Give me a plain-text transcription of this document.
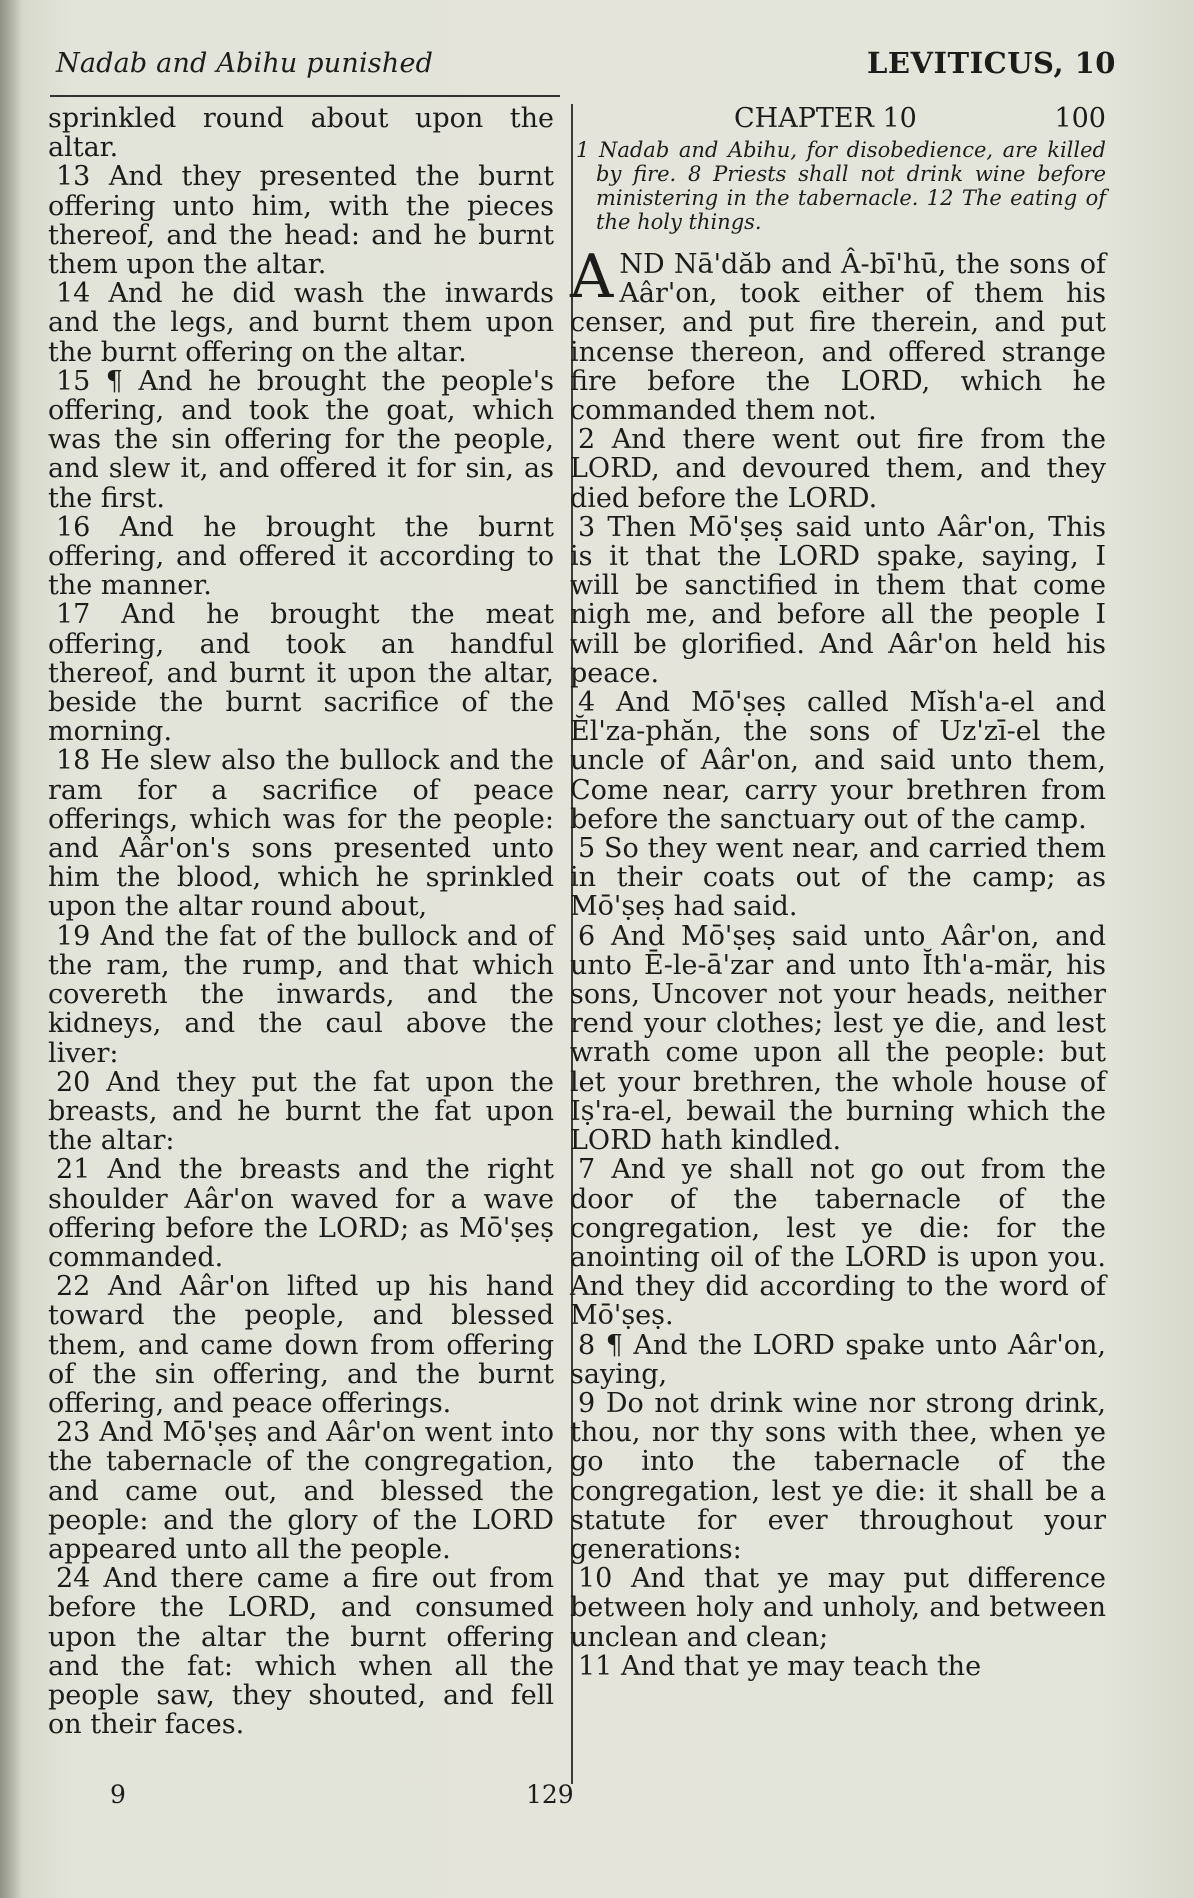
Nadab and Abihu punished	LEVITICUS, 10

sprinkled round about upon the altar.

13 And they presented the burnt offering unto him, with the pieces thereof, and the head: and he burnt them upon the altar.

14 And he did wash the inwards and the legs, and burnt them upon the burnt offering on the altar.

15 ¶ And he brought the people's offering, and took the goat, which was the sin offering for the people, and slew it, and offered it for sin, as the first.

16 And he brought the burnt offering, and offered it according to the manner.

17 And he brought the meat offering, and took an handful thereof, and burnt it upon the altar, beside the burnt sacrifice of the morning.

18 He slew also the bullock and the ram for a sacrifice of peace offerings, which was for the people: and Aâr'on's sons presented unto him the blood, which he sprinkled upon the altar round about,

19 And the fat of the bullock and of the ram, the rump, and that which covereth the inwards, and the kidneys, and the caul above the liver:

20 And they put the fat upon the breasts, and he burnt the fat upon the altar:

21 And the breasts and the right shoulder Aâr'on waved for a wave offering before the LORD; as Mō'ṣeṣ commanded.

22 And Aâr'on lifted up his hand toward the people, and blessed them, and came down from offering of the sin offering, and the burnt offering, and peace offerings.

23 And Mō'ṣeṣ and Aâr'on went into the tabernacle of the congregation, and came out, and blessed the people: and the glory of the LORD appeared unto all the people.

24 And there came a fire out from before the LORD, and consumed upon the altar the burnt offering and the fat: which when all the people saw, they shouted, and fell on their faces.

CHAPTER 10	100

1 Nadab and Abihu, for disobedience, are killed by fire. 8 Priests shall not drink wine before ministering in the tabernacle. 12 The eating of the holy things.

AND Nā'dăb and Â-bī'hū, the sons of Aâr'on, took either of them his censer, and put fire therein, and put incense thereon, and offered strange fire before the LORD, which he commanded them not.

2 And there went out fire from the LORD, and devoured them, and they died before the LORD.

3 Then Mō'ṣeṣ said unto Aâr'on, This is it that the LORD spake, saying, I will be sanctified in them that come nigh me, and before all the people I will be glorified. And Aâr'on held his peace.

4 And Mō'ṣeṣ called Mĭsh'a-el and Ĕl'za-phăn, the sons of Uz'zī-el the uncle of Aâr'on, and said unto them, Come near, carry your brethren from before the sanctuary out of the camp.

5 So they went near, and carried them in their coats out of the camp; as Mō'ṣeṣ had said.

6 And Mō'ṣeṣ said unto Aâr'on, and unto Ē-le-ā'zar and unto Ĭth'a-mär, his sons, Uncover not your heads, neither rend your clothes; lest ye die, and lest wrath come upon all the people: but let your brethren, the whole house of Iṣ'ra-el, bewail the burning which the LORD hath kindled.

7 And ye shall not go out from the door of the tabernacle of the congregation, lest ye die: for the anointing oil of the LORD is upon you. And they did according to the word of Mō'ṣeṣ.

8 ¶ And the LORD spake unto Aâr'on, saying,

9 Do not drink wine nor strong drink, thou, nor thy sons with thee, when ye go into the tabernacle of the congregation, lest ye die: it shall be a statute for ever throughout your generations:

10 And that ye may put difference between holy and unholy, and between unclean and clean;

11 And that ye may teach the

9	129
